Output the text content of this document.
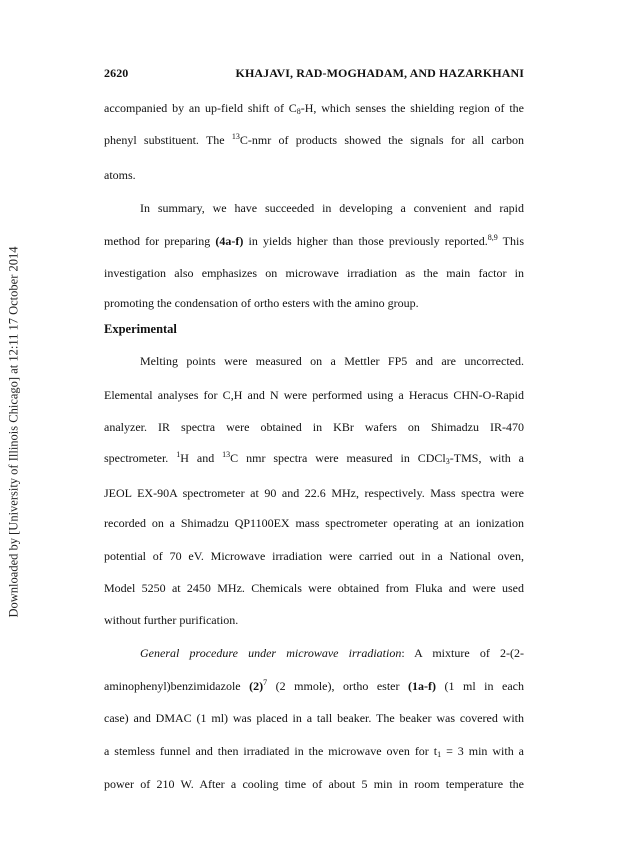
Downloaded by [University of Illinois Chicago] at 12:11 17 October 2014
2620	KHAJAVI, RAD-MOGHADAM, AND HAZARKHANI
accompanied by an up-field shift of $C_8-H$, which senses the shielding region of the
phenyl substituent. The $^{13}$C-nmr of products showed the signals for all carbon
atoms.
In summary, we have succeeded in developing a convenient and rapid
method for preparing (4a-f) in yields higher than those previously reported.$^{8,9}$ This
investigation also emphasizes on microwave irradiation as the main factor in
promoting the condensation of ortho esters with the amino group.
Experimental
Melting points were measured on a Mettler FP5 and are uncorrected.
Elemental analyses for C,H and N were performed using a Heracus CHN-O-Rapid
analyzer. IR spectra were obtained in KBr wafers on Shimadzu IR-470
spectrometer. $^1$H and $^{13}$C nmr spectra were measured in CDCl$_3$-TMS, with a
JEOL EX-90A spectrometer at 90 and 22.6 MHz, respectively. Mass spectra were
recorded on a Shimadzu QP1100EX mass spectrometer operating at an ionization
potential of 70 eV. Microwave irradiation were carried out in a National oven,
Model 5250 at 2450 MHz. Chemicals were obtained from Fluka and were used
without further purification.
General procedure under microwave irradiation: A mixture of 2-(2-
aminophenyl)benzimidazole $(2)^7$ (2 mmole), ortho ester (1a-f) (1 ml in each
case) and DMAC (1 ml) was placed in a tall beaker. The beaker was covered with
a stemless funnel and then irradiated in the microwave oven for $t_1 = 3$ min with a
power of 210 W. After a cooling time of about 5 min in room temperature the
